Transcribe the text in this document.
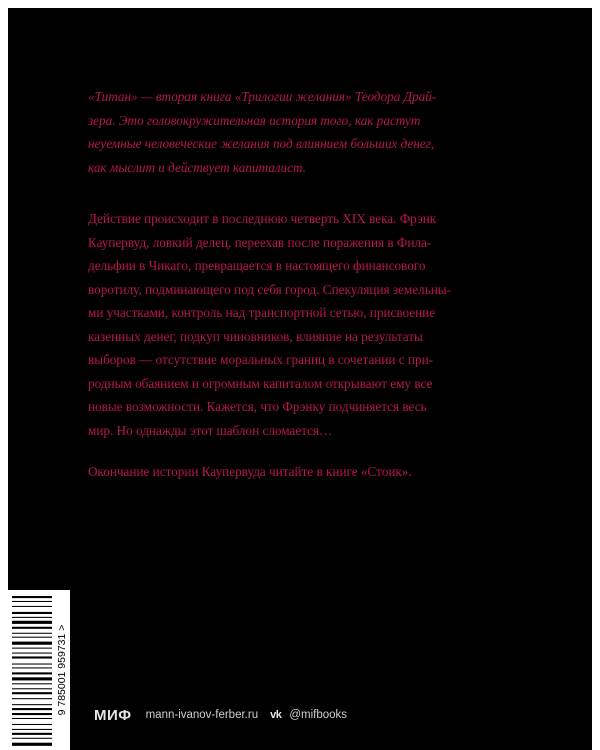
«Титан» — вторая книга «Трилогии желания» Теодора Драй-
зера. Это головокружительная история того, как растут
неуемные человеческие желания под влиянием больших денег,
как мыслит и действует капиталист.
Действие происходит в последнюю четверть XIX века. Фрэнк
Каупервуд, ловкий делец, переехав после поражения в Фила-
дельфии в Чикаго, превращается в настоящего финансового
воротилу, подминающего под себя город. Спекуляция земельны-
ми участками, контроль над транспортной сетью, присвоение
казенных денег, подкуп чиновников, влияние на результаты
выборов — отсутствие моральных границ в сочетании с при-
родным обаянием и огромным капиталом открывают ему все
новые возможности. Кажется, что Фрэнку подчиняется весь
мир. Но однажды этот шаблон сломается…
Окончание истории Каупервуда читайте в книге «Стоик».
9 785001 959731 > МИФ mann-ivanov-ferber.ru vk @mifbooks
